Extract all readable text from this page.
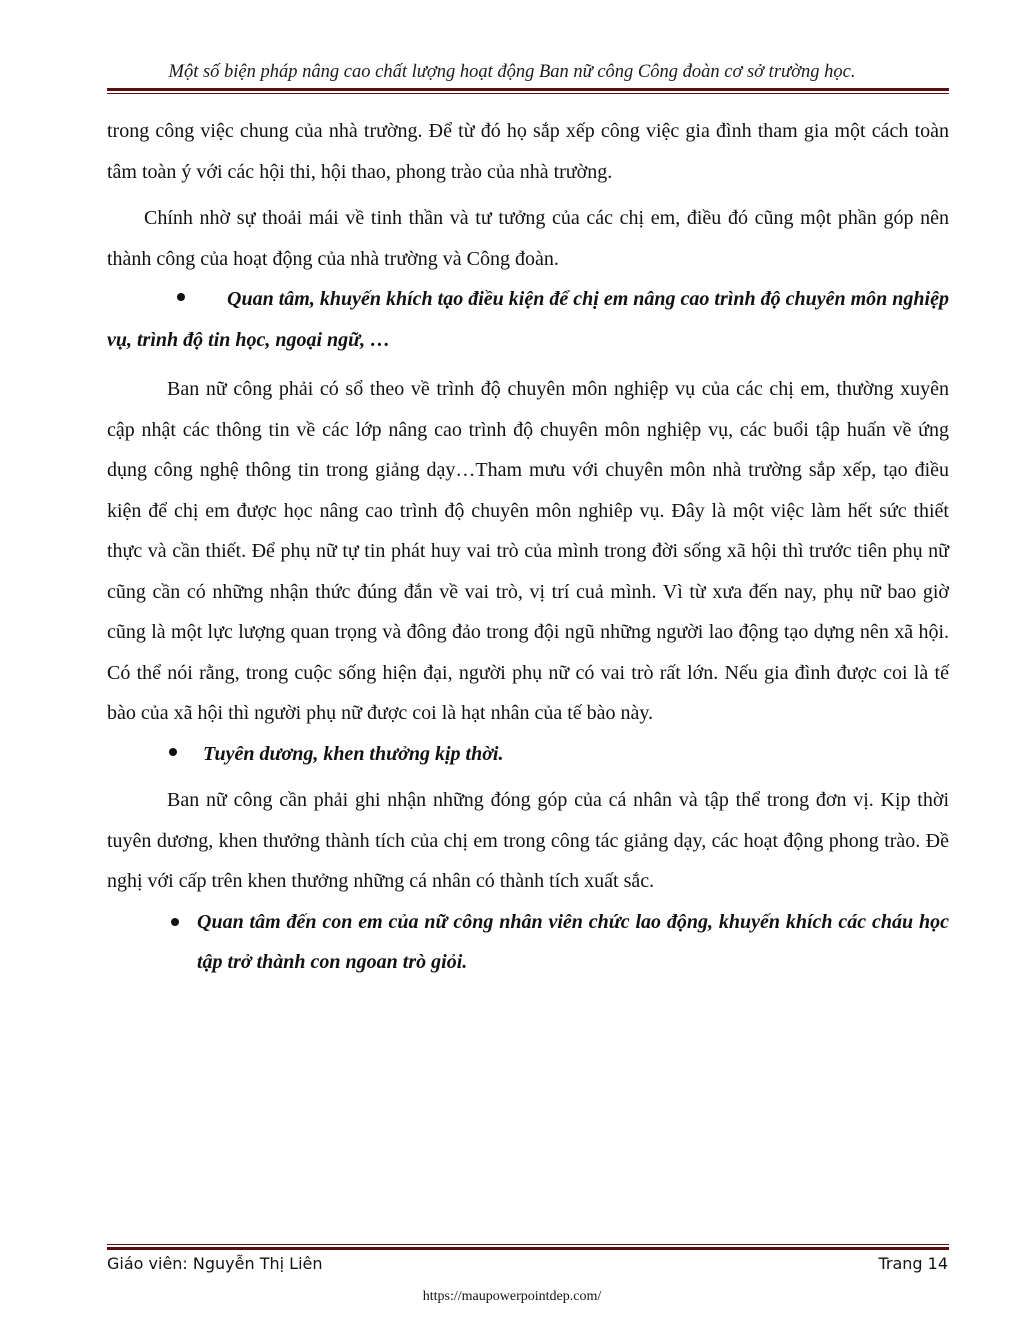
Một số biện pháp nâng cao chất lượng hoạt động Ban nữ công Công đoàn cơ sở trường học.

trong công việc chung của nhà trường. Để từ đó họ sắp xếp công việc gia đình tham gia một cách toàn tâm toàn ý với các hội thi, hội thao, phong trào của nhà trường.

Chính nhờ sự thoải mái về tinh thần và tư tưởng của các chị em, điều đó cũng một phần góp nên thành công của hoạt động của nhà trường và Công đoàn.

Quan tâm, khuyến khích tạo điều kiện để chị em nâng cao trình độ chuyên môn nghiệp vụ, trình độ tin học, ngoại ngữ, …

Ban nữ công phải có sổ theo về trình độ chuyên môn nghiệp vụ của các chị em, thường xuyên cập nhật các thông tin về các lớp nâng cao trình độ chuyên môn nghiệp vụ, các buổi tập huấn về ứng dụng công nghệ thông tin trong giảng dạy…Tham mưu với chuyên môn nhà trường sắp xếp, tạo điều kiện để chị em được học nâng cao trình độ chuyên môn nghiêp vụ. Đây là một việc làm hết sức thiết thực và cần thiết. Để phụ nữ tự tin phát huy vai trò của mình trong đời sống xã hội thì trước tiên phụ nữ cũng cần có những nhận thức đúng đắn về vai trò, vị trí cuả mình. Vì từ xưa đến nay, phụ nữ bao giờ cũng là một lực lượng quan trọng và đông đảo trong đội ngũ những người lao động tạo dựng nên xã hội. Có thể nói rằng, trong cuộc sống hiện đại, người phụ nữ có vai trò rất lớn. Nếu gia đình được coi là tế bào của xã hội thì người phụ nữ được coi là hạt nhân của tế bào này.

Tuyên dương, khen thưởng kịp thời.

Ban nữ công cần phải ghi nhận những đóng góp của cá nhân và tập thể trong đơn vị. Kịp thời tuyên dương, khen thưởng thành tích của chị em trong công tác giảng dạy, các hoạt động phong trào. Đề nghị với cấp trên khen thưởng những cá nhân có thành tích xuất sắc.

Quan tâm đến con em của nữ công nhân viên chức lao động, khuyến khích các cháu học tập trở thành con ngoan trò giỏi.

Giáo viên: Nguyễn Thị Liên	Trang 14
https://maupowerpointdep.com/
